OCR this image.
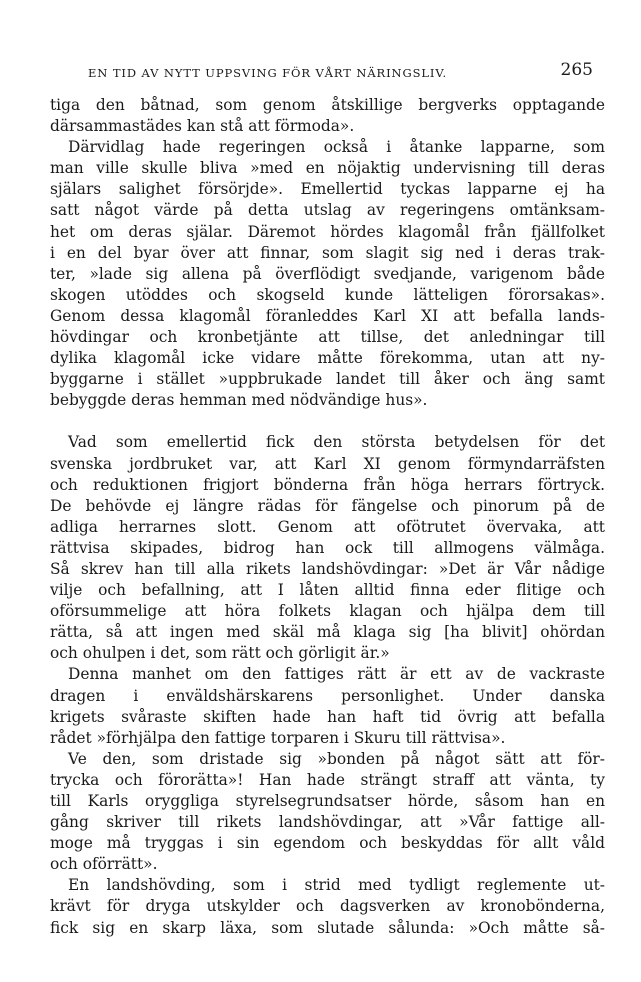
EN TID AV NYTT UPPSVING FÖR VÅRT NÄRINGSLIV.	265
tiga den båtnad, som genom åtskillige bergverks opptagande
därsammastädes kan stå att förmoda».
Därvidlag hade regeringen också i åtanke lapparne, som
man ville skulle bliva »med en nöjaktig undervisning till deras
själars salighet försörjde». Emellertid tyckas lapparne ej ha
satt något värde på detta utslag av regeringens omtänksam-
het om deras själar. Däremot hördes klagomål från fjällfolket
i en del byar över att finnar, som slagit sig ned i deras trak-
ter, »lade sig allena på överflödigt svedjande, varigenom både
skogen utöddes och skogseld kunde lätteligen förorsakas».
Genom dessa klagomål föranleddes Karl XI att befalla lands-
hövdingar och kronbetjänte att tillse, det anledningar till
dylika klagomål icke vidare måtte förekomma, utan att ny-
byggarne i stället »uppbrukade landet till åker och äng samt
bebyggde deras hemman med nödvändige hus».
Vad som emellertid fick den största betydelsen för det
svenska jordbruket var, att Karl XI genom förmyndarräfsten
och reduktionen frigjort bönderna från höga herrars förtryck.
De behövde ej längre rädas för fängelse och pinorum på de
adliga herrarnes slott. Genom att ofötrutet övervaka, att
rättvisa skipades, bidrog han ock till allmogens välmåga.
Så skrev han till alla rikets landshövdingar: »Det är Vår nådige
vilje och befallning, att I låten alltid finna eder flitige och
oförsummelige att höra folkets klagan och hjälpa dem till
rätta, så att ingen med skäl må klaga sig [ha blivit] ohördan
och ohulpen i det, som rätt och görligit är.»
Denna manhet om den fattiges rätt är ett av de vackraste
dragen i enväldshärskarens personlighet. Under danska
krigets svåraste skiften hade han haft tid övrig att befalla
rådet »förhjälpa den fattige torparen i Skuru till rättvisa».
Ve den, som dristade sig »bonden på något sätt att för-
trycka och förorätta»! Han hade strängt straff att vänta, ty
till Karls oryggliga styrelsegrundsatser hörde, såsom han en
gång skriver till rikets landshövdingar, att »Vår fattige all-
moge må tryggas i sin egendom och beskyddas för allt våld
och oförrätt».
En landshövding, som i strid med tydligt reglemente ut-
krävt för dryga utskylder och dagsverken av kronobönderna,
fick sig en skarp läxa, som slutade sålunda: »Och måtte så-
